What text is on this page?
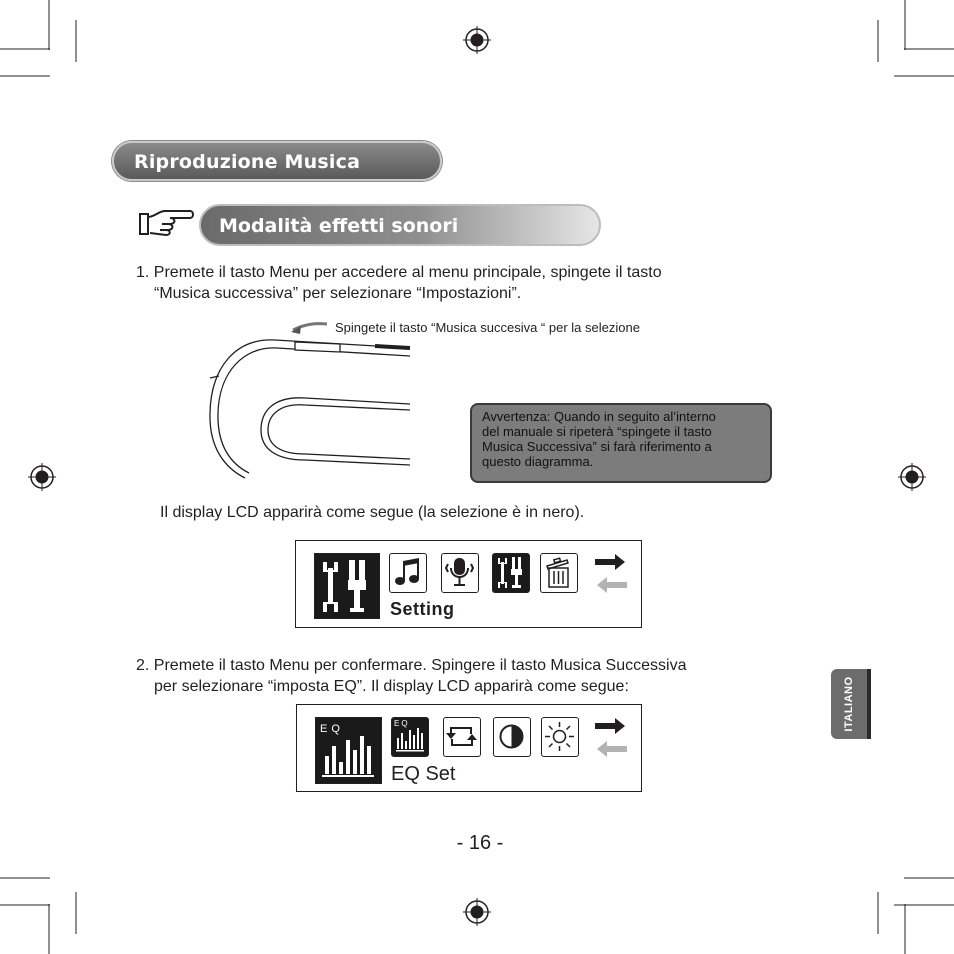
Riproduzione Musica
Modalità effetti sonori
1. Premete il tasto Menu per accedere al menu principale, spingete il tasto
“Musica successiva” per selezionare “Impostazioni”.
Spingete il tasto “Musica succesiva “ per la selezione
Avvertenza: Quando in seguito al’interno
del manuale si ripeterà “spingete il tasto
Musica Successiva” si farà riferimento a
questo diagramma.
Il display LCD apparirà come segue (la selezione è in nero).
Setting
2. Premete il tasto Menu per confermare. Spingere il tasto Musica Successiva
per selezionare “imposta EQ”. Il display LCD apparirà come segue:
EQ	EQ
EQ Set
ITALIANO
- 16 -
